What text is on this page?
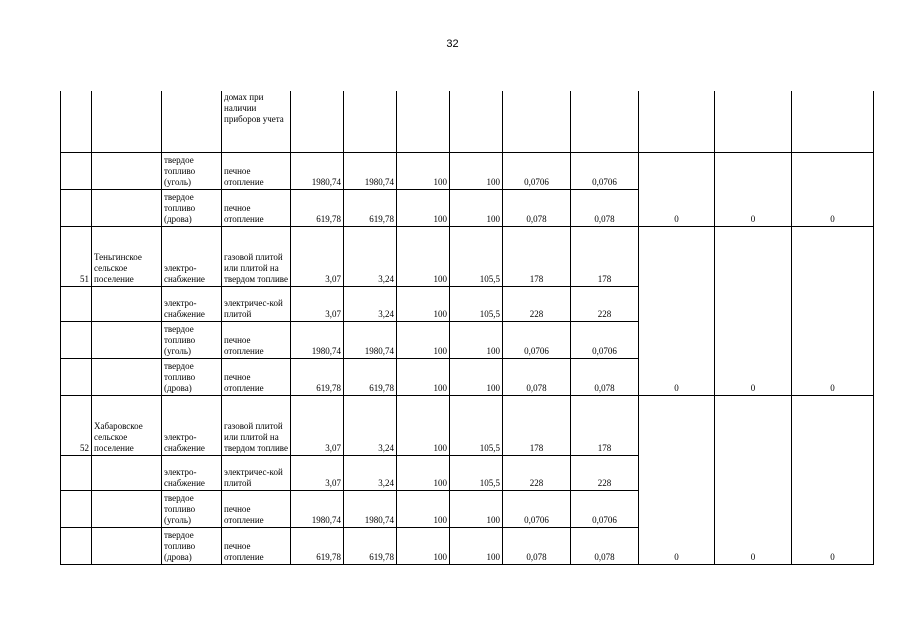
32
			домах при наличии приборов учета									
		твердое топливо (уголь)	печное отопление	1980,74	1980,74	100	100	0,0706	0,0706	0	0	0
		твердое топливо (дрова)	печное отопление	619,78	619,78	100	100	0,078	0,078			
51	Теньгинское сельское поселение	электро-снабжение	газовой плитой или плитой на твердом топливе	3,07	3,24	100	105,5	178	178	0	0	0
		электро-снабжение	электричес-кой плитой	3,07	3,24	100	105,5	228	228			
		твердое топливо (уголь)	печное отопление	1980,74	1980,74	100	100	0,0706	0,0706			
		твердое топливо (дрова)	печное отопление	619,78	619,78	100	100	0,078	0,078			
52	Хабаровское сельское поселение	электро-снабжение	газовой плитой или плитой на твердом топливе	3,07	3,24	100	105,5	178	178	0	0	0
		электро-снабжение	электричес-кой плитой	3,07	3,24	100	105,5	228	228			
		твердое топливо (уголь)	печное отопление	1980,74	1980,74	100	100	0,0706	0,0706			
		твердое топливо (дрова)	печное отопление	619,78	619,78	100	100	0,078	0,078			
